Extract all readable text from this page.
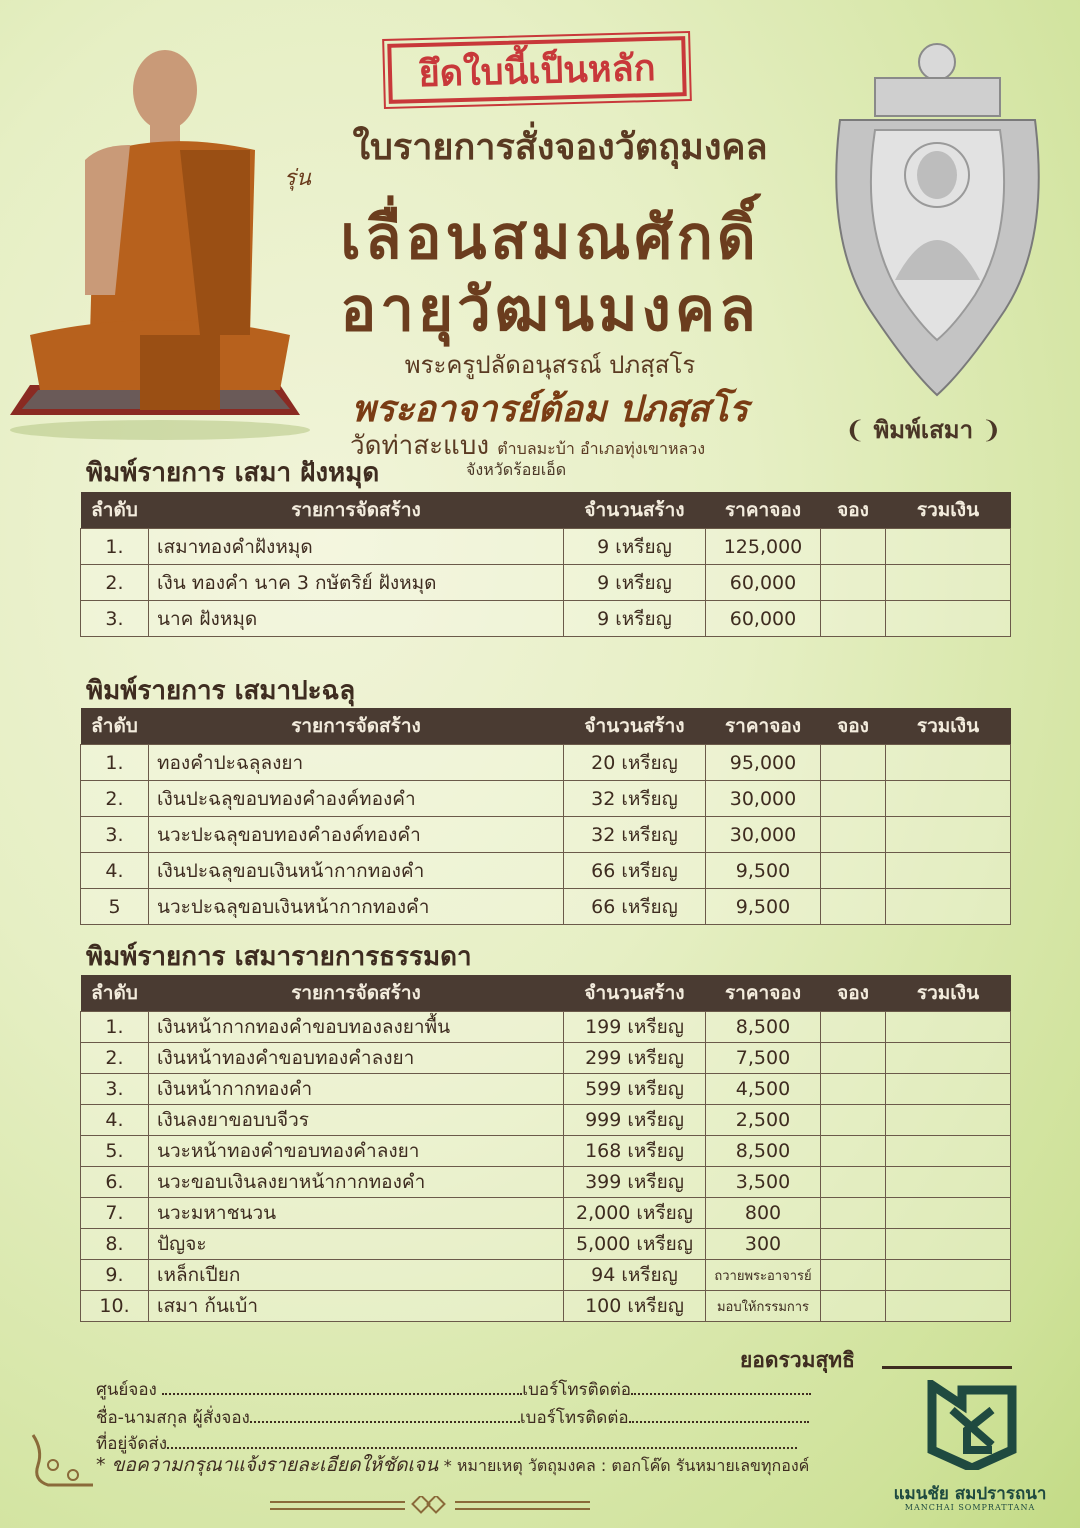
ยึดใบนี้เป็นหลัก
ใบรายการสั่งจองวัตถุมงคล
รุ่น
เลื่อนสมณศักดิ์
อายุวัฒนมงคล
พระครูปลัดอนุสรณ์ ปภสฺสโร
พระอาจารย์ต้อม ปภสฺสโร
วัดท่าสะแบง ตำบลมะบ้า อำเภอทุ่งเขาหลวง
จังหวัดร้อยเอ็ด
❨ พิมพ์เสมา ❩
พิมพ์รายการ เสมา ฝังหมุด
ลำดับ	รายการจัดสร้าง	จำนวนสร้าง	ราคาจอง	จอง	รวมเงิน
1.	เสมาทองคำฝังหมุด	9 เหรียญ	125,000		
2.	เงิน ทองคำ นาค 3 กษัตริย์ ฝังหมุด	9 เหรียญ	60,000		
3.	นาค ฝังหมุด	9 เหรียญ	60,000		
พิมพ์รายการ เสมาปะฉลุ
ลำดับ	รายการจัดสร้าง	จำนวนสร้าง	ราคาจอง	จอง	รวมเงิน
1.	ทองคำปะฉลุลงยา	20 เหรียญ	95,000		
2.	เงินปะฉลุขอบทองคำองค์ทองคำ	32 เหรียญ	30,000		
3.	นวะปะฉลุขอบทองคำองค์ทองคำ	32 เหรียญ	30,000		
4.	เงินปะฉลุขอบเงินหน้ากากทองคำ	66 เหรียญ	9,500		
5	นวะปะฉลุขอบเงินหน้ากากทองคำ	66 เหรียญ	9,500		
พิมพ์รายการ เสมารายการธรรมดา
ลำดับ	รายการจัดสร้าง	จำนวนสร้าง	ราคาจอง	จอง	รวมเงิน
1.	เงินหน้ากากทองคำขอบทองลงยาพื้น	199 เหรียญ	8,500		
2.	เงินหน้าทองคำขอบทองคำลงยา	299 เหรียญ	7,500		
3.	เงินหน้ากากทองคำ	599 เหรียญ	4,500		
4.	เงินลงยาขอบบจีวร	999 เหรียญ	2,500		
5.	นวะหน้าทองคำขอบทองคำลงยา	168 เหรียญ	8,500		
6.	นวะขอบเงินลงยาหน้ากากทองคำ	399 เหรียญ	3,500		
7.	นวะมหาชนวน	2,000 เหรียญ	800		
8.	ปัญจะ	5,000 เหรียญ	300		
9.	เหล็กเปียก	94 เหรียญ	ถวายพระอาจารย์		
10.	เสมา ก้นเบ้า	100 เหรียญ	มอบให้กรรมการ		
ยอดรวมสุทธิ
ศูนย์จอง	เบอร์โทรติดต่อ
ชื่อ-นามสกุล ผู้สั่งจอง	เบอร์โทรติดต่อ
ที่อยู่จัดส่ง
* ขอความกรุณาแจ้งรายละเอียดให้ชัดเจน * หมายเหตุ วัตถุมงคล : ตอกโค๊ด รันหมายเลขทุกองค์
แมนชัย สมปรารถนา
MANCHAI SOMPRATTANA
